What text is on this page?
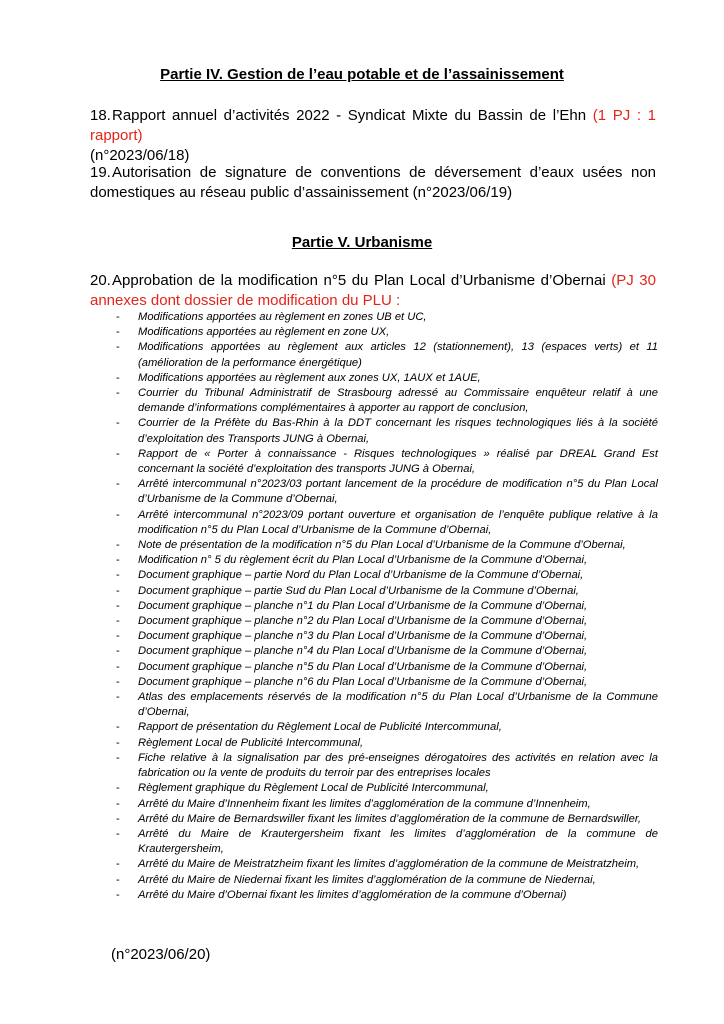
Partie IV. Gestion de l’eau potable et de l’assainissement
18.Rapport annuel d’activités 2022 - Syndicat Mixte du Bassin de l’Ehn (1 PJ : 1 rapport)
(n°2023/06/18)
19.Autorisation de signature de conventions de déversement d’eaux usées non domestiques au réseau public d’assainissement (n°2023/06/19)
Partie V. Urbanisme
20.Approbation de la modification n°5 du Plan Local d’Urbanisme d’Obernai (PJ 30 annexes dont dossier de modification du PLU :
- Modifications apportées au règlement en zones UB et UC,
- Modifications apportées au règlement en zone UX,
- Modifications apportées au règlement aux articles 12 (stationnement), 13 (espaces verts) et 11 (amélioration de la performance énergétique)
- Modifications apportées au règlement aux zones UX, 1AUX et 1AUE,
- Courrier du Tribunal Administratif de Strasbourg adressé au Commissaire enquêteur relatif à une demande d’informations complémentaires à apporter au rapport de conclusion,
- Courrier de la Préfète du Bas-Rhin à la DDT concernant les risques technologiques liés à la société d’exploitation des Transports JUNG à Obernai,
- Rapport de « Porter à connaissance - Risques technologiques » réalisé par DREAL Grand Est concernant la société d’exploitation des transports JUNG à Obernai,
- Arrêté intercommunal n°2023/03 portant lancement de la procédure de modification n°5 du Plan Local d’Urbanisme de la Commune d’Obernai,
- Arrêté intercommunal n°2023/09 portant ouverture et organisation de l’enquête publique relative à la modification n°5 du Plan Local d’Urbanisme de la Commune d’Obernai,
- Note de présentation de la modification n°5 du Plan Local d’Urbanisme de la Commune d’Obernai,
- Modification n° 5 du règlement écrit du Plan Local d’Urbanisme de la Commune d’Obernai,
- Document graphique – partie Nord du Plan Local d’Urbanisme de la Commune d’Obernai,
- Document graphique – partie Sud du Plan Local d’Urbanisme de la Commune d’Obernai,
- Document graphique – planche n°1 du Plan Local d’Urbanisme de la Commune d’Obernai,
- Document graphique – planche n°2 du Plan Local d’Urbanisme de la Commune d’Obernai,
- Document graphique – planche n°3 du Plan Local d’Urbanisme de la Commune d’Obernai,
- Document graphique – planche n°4 du Plan Local d’Urbanisme de la Commune d’Obernai,
- Document graphique – planche n°5 du Plan Local d’Urbanisme de la Commune d’Obernai,
- Document graphique – planche n°6 du Plan Local d’Urbanisme de la Commune d’Obernai,
- Atlas des emplacements réservés de la modification n°5 du Plan Local d’Urbanisme de la Commune d’Obernai,
- Rapport de présentation du Règlement Local de Publicité Intercommunal,
- Règlement Local de Publicité Intercommunal,
- Fiche relative à la signalisation par des pré-enseignes dérogatoires des activités en relation avec la fabrication ou la vente de produits du terroir par des entreprises locales
- Règlement graphique du Règlement Local de Publicité Intercommunal,
- Arrêté du Maire d’Innenheim fixant les limites d’agglomération de la commune d’Innenheim,
- Arrêté du Maire de Bernardswiller fixant les limites d’agglomération de la commune de Bernardswiller,
- Arrêté du Maire de Krautergersheim fixant les limites d’agglomération de la commune de Krautergersheim,
- Arrêté du Maire de Meistratzheim fixant les limites d’agglomération de la commune de Meistratzheim,
- Arrêté du Maire de Niedernai fixant les limites d’agglomération de la commune de Niedernai,
- Arrêté du Maire d’Obernai fixant les limites d’agglomération de la commune d’Obernai)
(n°2023/06/20)
